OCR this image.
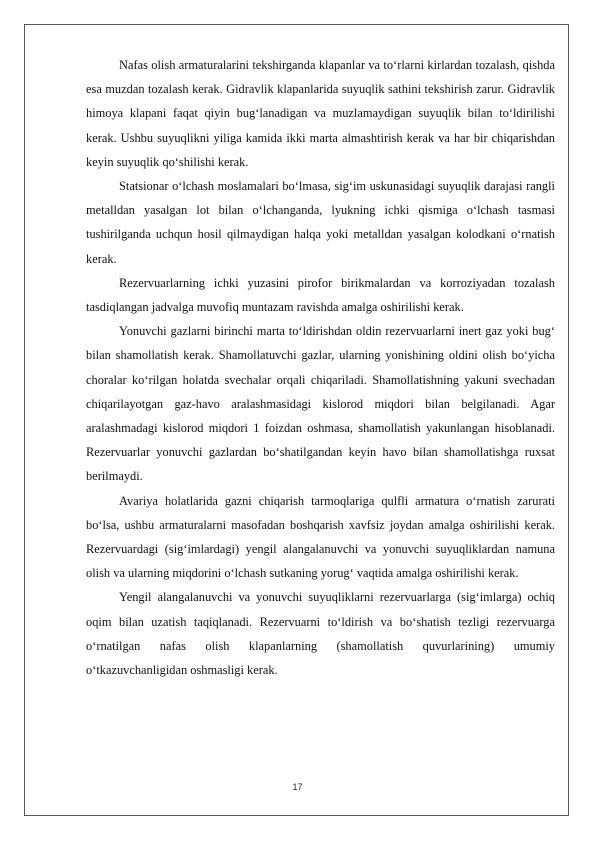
Nafas olish armaturalarini tekshirganda klapanlar va to‘rlarni kirlardan tozalash, qishda esa muzdan tozalash kerak. Gidravlik klapanlarida suyuqlik sathini tekshirish zarur. Gidravlik himoya klapani faqat qiyin bug‘lanadigan va muzlamaydigan suyuqlik bilan to‘ldirilishi kerak. Ushbu suyuqlikni yiliga kamida ikki marta almashtirish kerak va har bir chiqarishdan keyin suyuqlik qo‘shilishi kerak.

Statsionar o‘lchash moslamalari bo‘lmasa, sig‘im uskunasidagi suyuqlik darajasi rangli metalldan yasalgan lot bilan o‘lchanganda, lyukning ichki qismiga o‘lchash tasmasi tushirilganda uchqun hosil qilmaydigan halqa yoki metalldan yasalgan kolodkani o‘rnatish kerak.

Rezervuarlarning ichki yuzasini pirofor birikmalardan va korroziyadan tozalash tasdiqlangan jadvalga muvofiq muntazam ravishda amalga oshirilishi kerak.

Yonuvchi gazlarni birinchi marta to‘ldirishdan oldin rezervuarlarni inert gaz yoki bug‘ bilan shamollatish kerak. Shamollatuvchi gazlar, ularning yonishining oldini olish bo‘yicha choralar ko‘rilgan holatda svechalar orqali chiqariladi. Shamollatishning yakuni svechadan chiqarilayotgan gaz-havo aralashmasidagi kislorod miqdori bilan belgilanadi. Agar aralashmadagi kislorod miqdori 1 foizdan oshmasa, shamollatish yakunlangan hisoblanadi. Rezervuarlar yonuvchi gazlardan bo‘shatilgandan keyin havo bilan shamollatishga ruxsat berilmaydi.

Avariya holatlarida gazni chiqarish tarmoqlariga qulfli armatura o‘rnatish zarurati bo‘lsa, ushbu armaturalarni masofadan boshqarish xavfsiz joydan amalga oshirilishi kerak. Rezervuardagi (sig‘imlardagi) yengil alangalanuvchi va yonuvchi suyuqliklardan namuna olish va ularning miqdorini o‘lchash sutkaning yorug‘ vaqtida amalga oshirilishi kerak.

Yengil alangalanuvchi va yonuvchi suyuqliklarni rezervuarlarga (sig‘imlarga) ochiq oqim bilan uzatish taqiqlanadi. Rezervuarni to‘ldirish va bo‘shatish tezligi rezervuarga o‘rnatilgan nafas olish klapanlarning (shamollatish quvurlarining) umumiy o‘tkazuvchanligidan oshmasligi kerak.

17
